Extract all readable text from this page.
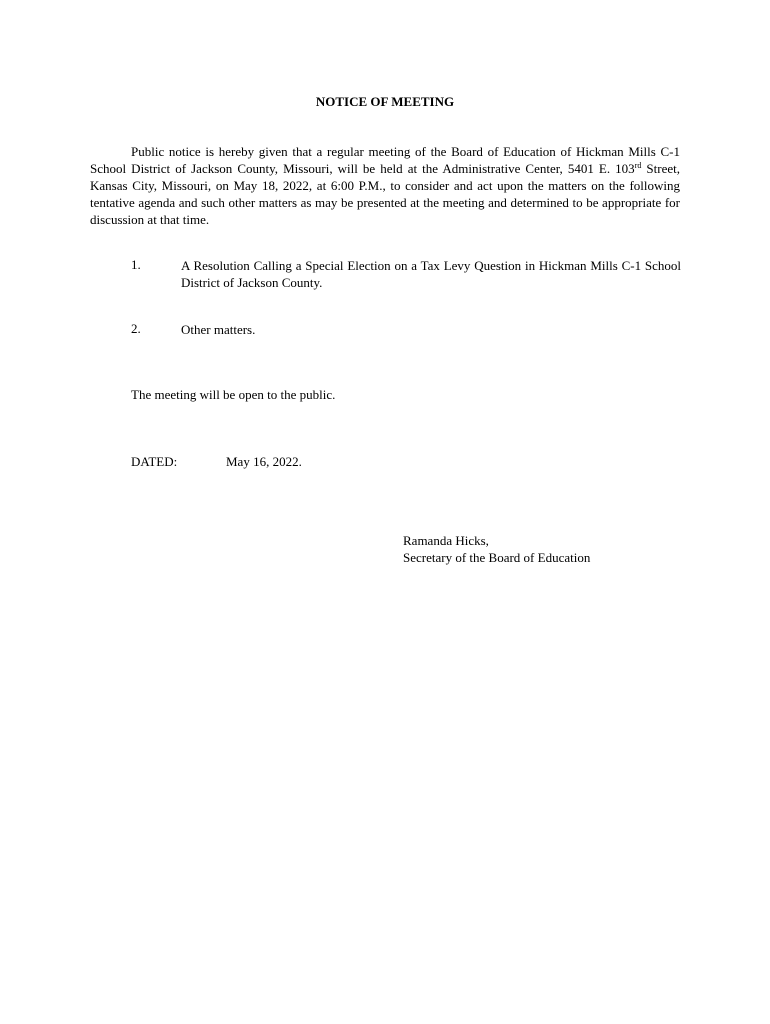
NOTICE OF MEETING
Public notice is hereby given that a regular meeting of the Board of Education of Hickman Mills C-1 School District of Jackson County, Missouri, will be held at the Administrative Center, 5401 E. 103rd Street, Kansas City, Missouri, on May 18, 2022, at 6:00 P.M., to consider and act upon the matters on the following tentative agenda and such other matters as may be presented at the meeting and determined to be appropriate for discussion at that time.
1.	A Resolution Calling a Special Election on a Tax Levy Question in Hickman Mills C-1 School District of Jackson County.
2.	Other matters.
The meeting will be open to the public.
DATED:	May 16, 2022.
Ramanda Hicks,
Secretary of the Board of Education
